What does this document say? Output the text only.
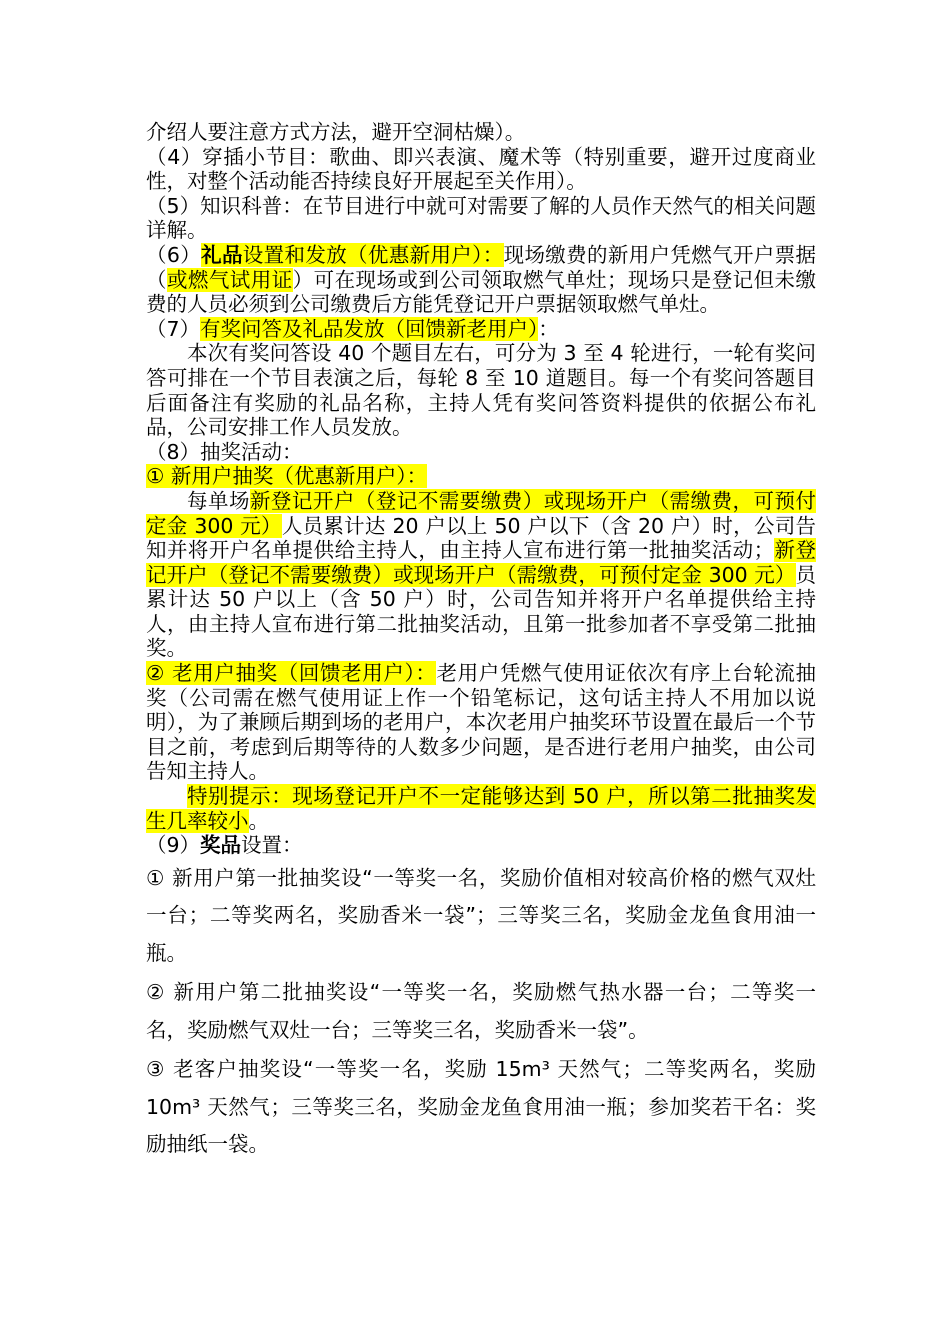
介绍人要注意方式方法，避开空洞枯燥）。

（4）穿插小节目：歌曲、即兴表演、魔术等（特别重要，避开过度商业性，对整个活动能否持续良好开展起至关作用）。

（5）知识科普：在节目进行中就可对需要了解的人员作天然气的相关问题详解。

（6）礼品设置和发放（优惠新用户）：现场缴费的新用户凭燃气开户票据（或燃气试用证）可在现场或到公司领取燃气单灶；现场只是登记但未缴费的人员必须到公司缴费后方能凭登记开户票据领取燃气单灶。

（7）有奖问答及礼品发放（回馈新老用户）：

本次有奖问答设 40 个题目左右，可分为 3 至 4 轮进行，一轮有奖问答可排在一个节目表演之后，每轮 8 至 10 道题目。每一个有奖问答题目后面备注有奖励的礼品名称，主持人凭有奖问答资料提供的依据公布礼品，公司安排工作人员发放。

（8）抽奖活动：

① 新用户抽奖（优惠新用户）：

每单场新登记开户（登记不需要缴费）或现场开户（需缴费，可预付定金 300 元）人员累计达 20 户以上 50 户以下（含 20 户）时，公司告知并将开户名单提供给主持人，由主持人宣布进行第一批抽奖活动；新登记开户（登记不需要缴费）或现场开户（需缴费，可预付定金 300 元）员累计达 50 户以上（含 50 户）时，公司告知并将开户名单提供给主持人，由主持人宣布进行第二批抽奖活动，且第一批参加者不享受第二批抽奖。

② 老用户抽奖（回馈老用户）：老用户凭燃气使用证依次有序上台轮流抽奖（公司需在燃气使用证上作一个铅笔标记，这句话主持人不用加以说明），为了兼顾后期到场的老用户，本次老用户抽奖环节设置在最后一个节目之前，考虑到后期等待的人数多少问题，是否进行老用户抽奖，由公司告知主持人。

特别提示：现场登记开户不一定能够达到 50 户，所以第二批抽奖发生几率较小。

（9）奖品设置：

① 新用户第一批抽奖设“一等奖一名，奖励价值相对较高价格的燃气双灶一台；二等奖两名，奖励香米一袋”；三等奖三名，奖励金龙鱼食用油一瓶。

② 新用户第二批抽奖设“一等奖一名，奖励燃气热水器一台；二等奖一名，奖励燃气双灶一台；三等奖三名，奖励香米一袋”。

③ 老客户抽奖设“一等奖一名，奖励 15m³ 天然气；二等奖两名，奖励 10m³ 天然气；三等奖三名，奖励金龙鱼食用油一瓶；参加奖若干名：奖励抽纸一袋。
